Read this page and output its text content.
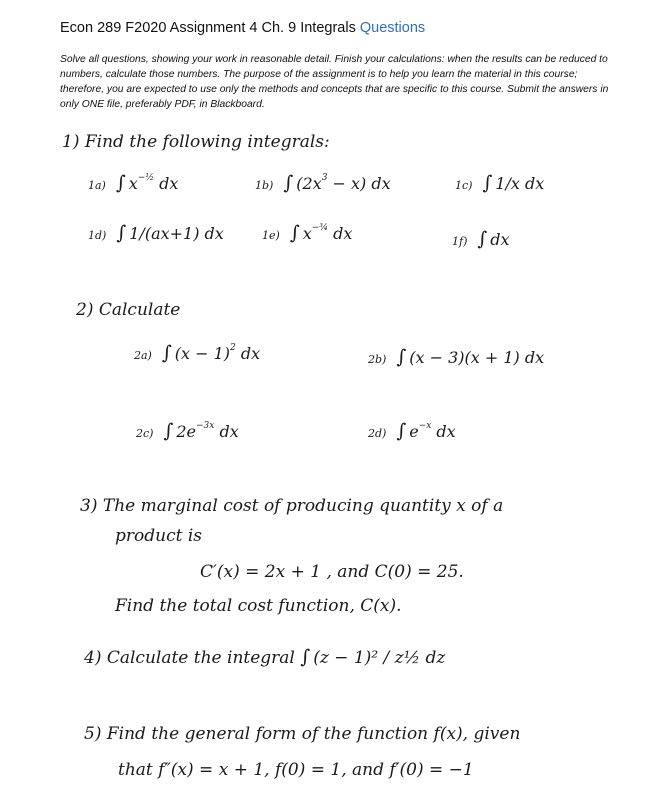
Econ 289 F2020 Assignment 4 Ch. 9 Integrals Questions

Solve all questions, showing your work in reasonable detail. Finish your calculations: when the results can be reduced to numbers, calculate those numbers. The purpose of the assignment is to help you learn the material in this course; therefore, you are expected to use only the methods and concepts that are specific to this course. Submit the answers in only ONE file, preferably PDF, in Blackboard.

1) Find the following integrals:

1a) ∫ $x^{-\frac{1}{2}}$ dx	1b) ∫ $(2x^3 - x)$ dx	1c) ∫ 1/x dx
1d) ∫ 1/(ax+1) dx	1e) ∫ $x^{-\frac{3}{4}}$ dx	1f) ∫ dx

2) Calculate

2a) ∫ $(x - 1)^2$ dx	2b) ∫ (x − 3)(x + 1) dx
2c) ∫ $2e^{-3x}$ dx	2d) ∫ $e^{-x}$ dx

3) The marginal cost of producing quantity x of a

product is

C′(x) = 2x + 1 , and C(0) = 25.

Find the total cost function, C(x).

4) Calculate the integral ∫ (z − 1)² / z½ dz

5) Find the general form of the function f(x), given

that f″(x) = x + 1, f(0) = 1, and f′(0) = −1
